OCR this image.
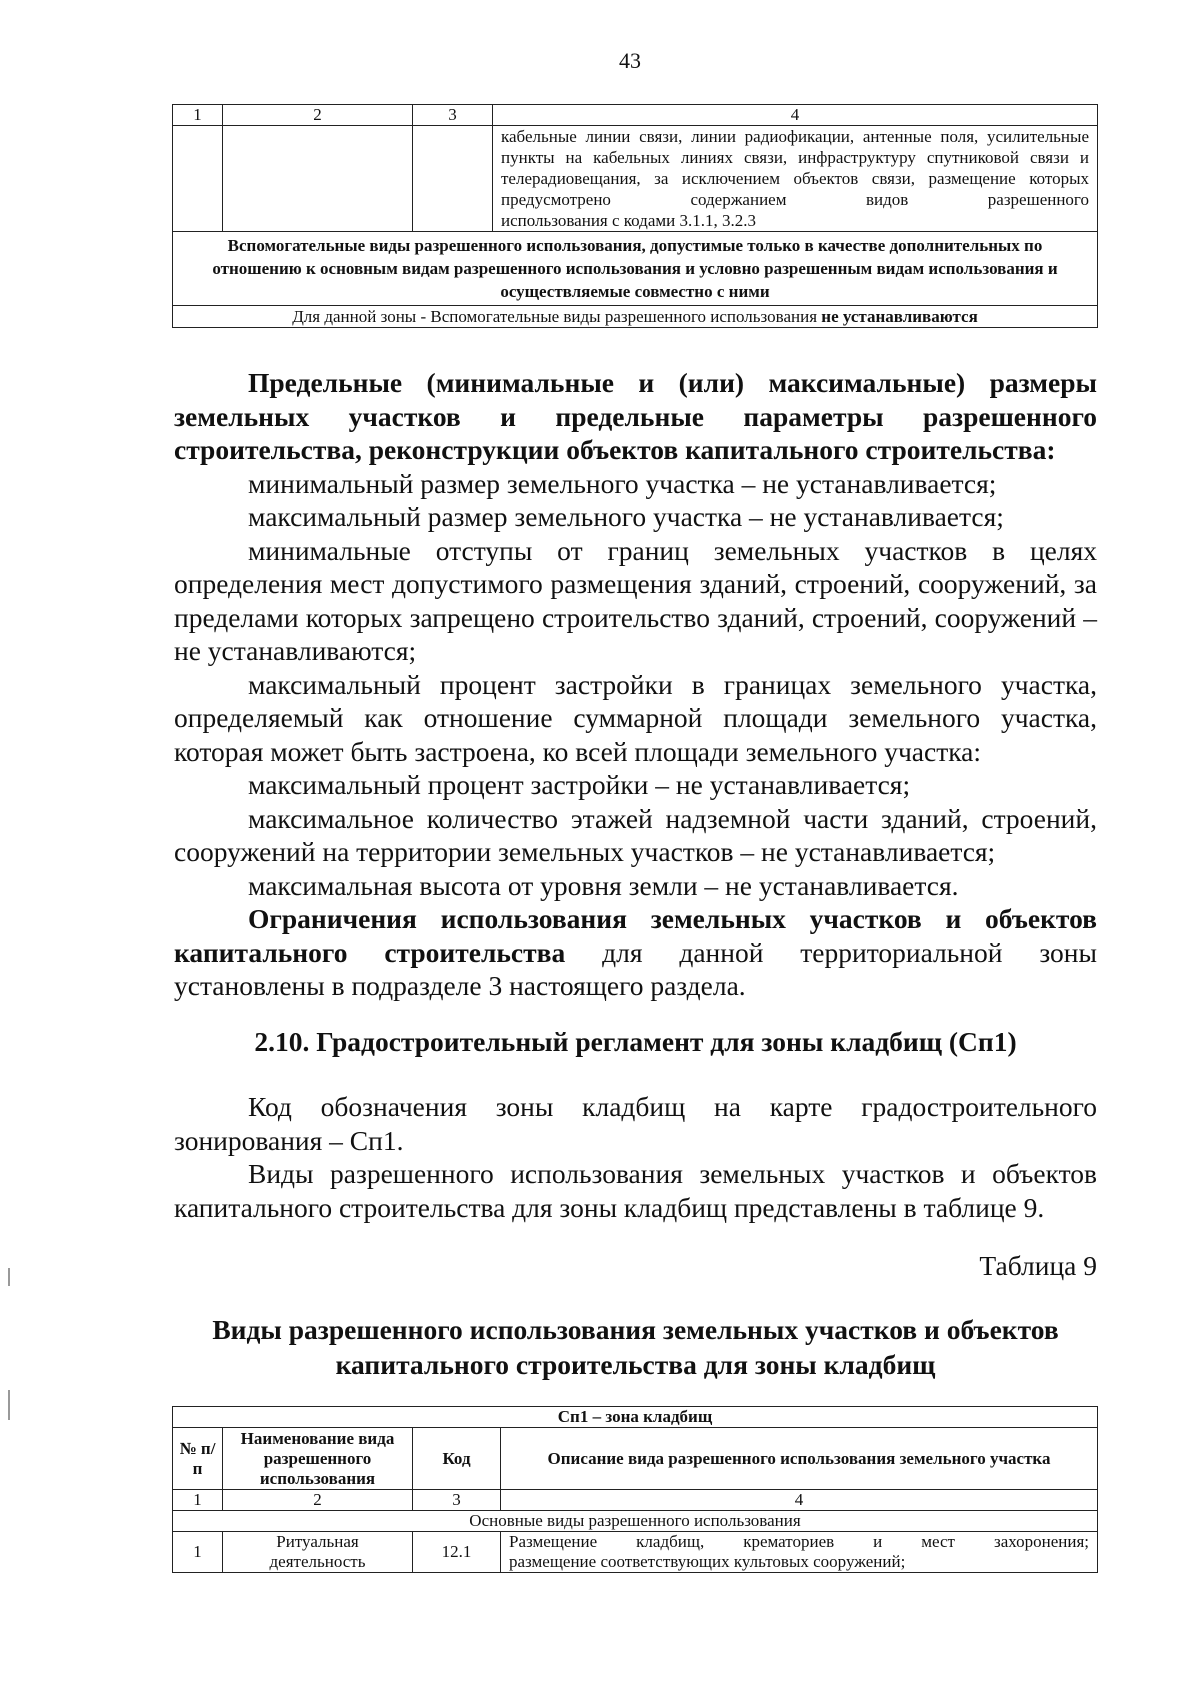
43
1	2	3	4
			кабельные линии связи, линии радиофикации, антенные поля, усилительные пункты на кабельных линиях связи, инфраструктуру спутниковой связи и телерадиовещания, за исключением объектов связи, размещение которых предусмотрено содержанием видов разрешенного
использования с кодами 3.1.1, 3.2.3

Вспомогательные виды разрешенного использования, допустимые только в качестве дополнительных по отношению к основным видам разрешенного использования и условно разрешенным видам использования и осуществляемые совместно с ними			
Для данной зоны - Вспомогательные виды разрешенного использования не устанавливаются			

Предельные (минимальные и (или) максимальные) размеры земельных участков и предельные параметры разрешенного строительства, реконструкции объектов капитального строительства:

минимальный размер земельного участка – не устанавливается;

максимальный размер земельного участка – не устанавливается;

минимальные отступы от границ земельных участков в целях определения мест допустимого размещения зданий, строений, сооружений, за пределами которых запрещено строительство зданий, строений, сооружений – не устанавливаются;

максимальный процент застройки в границах земельного участка, определяемый как отношение суммарной площади земельного участка, которая может быть застроена, ко всей площади земельного участка:

максимальный процент застройки – не устанавливается;

максимальное количество этажей надземной части зданий, строений, сооружений на территории земельных участков – не устанавливается;

максимальная высота от уровня земли – не устанавливается.

Ограничения использования земельных участков и объектов капитального строительства для данной территориальной зоны установлены в подразделе 3 настоящего раздела.

2.10. Градостроительный регламент для зоны кладбищ (Сп1)

Код обозначения зоны кладбищ на карте градостроительного зонирования – Сп1.

Виды разрешенного использования земельных участков и объектов капитального строительства для зоны кладбищ представлены в таблице 9.

Таблица 9

Виды разрешенного использования земельных участков и объектов
капитального строительства для зоны кладбищ
Сп1 – зона кладбищ			
№ п/п	Наименование вида разрешенного использования	Код	Описание вида разрешенного использования земельного участка
1	2	3	4
Основные виды разрешенного использования			
1	Ритуальная деятельность	12.1	Размещение кладбищ, крематориев и мест захоронения;
размещение соответствующих культовых сооружений;
